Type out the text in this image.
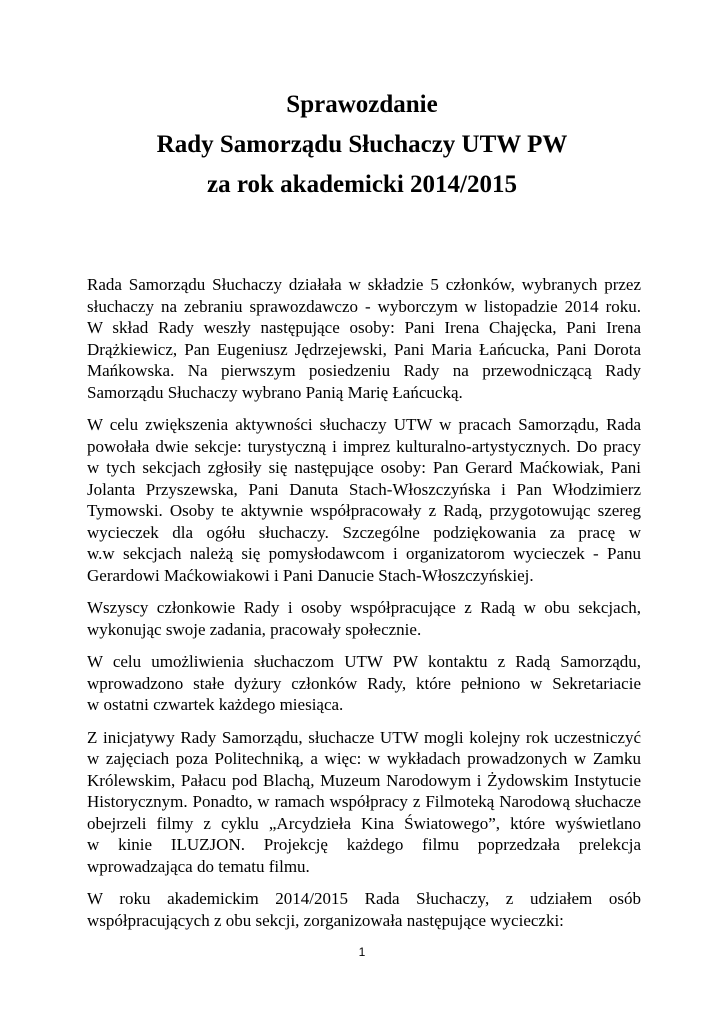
Sprawozdanie
Rady Samorządu Słuchaczy UTW PW
za rok akademicki 2014/2015

Rada Samorządu Słuchaczy działała w składzie 5 członków, wybranych przez
słuchaczy na zebraniu sprawozdawczo - wyborczym w listopadzie 2014 roku.
W skład Rady weszły następujące osoby: Pani Irena Chajęcka, Pani Irena
Drążkiewicz, Pan Eugeniusz Jędrzejewski, Pani Maria Łańcucka, Pani Dorota
Mańkowska. Na pierwszym posiedzeniu Rady na przewodniczącą Rady
Samorządu Słuchaczy wybrano Panią Marię Łańcucką.

W celu zwiększenia aktywności słuchaczy UTW w pracach Samorządu, Rada
powołała dwie sekcje: turystyczną i imprez kulturalno-artystycznych. Do pracy
w tych sekcjach zgłosiły się następujące osoby: Pan Gerard Maćkowiak, Pani
Jolanta Przyszewska, Pani Danuta Stach-Włoszczyńska i Pan Włodzimierz
Tymowski. Osoby te aktywnie współpracowały z Radą, przygotowując szereg
wycieczek dla ogółu słuchaczy. Szczególne podziękowania za pracę w
w.w sekcjach należą się pomysłodawcom i organizatorom wycieczek - Panu
Gerardowi Maćkowiakowi i Pani Danucie Stach-Włoszczyńskiej.

Wszyscy członkowie Rady i osoby współpracujące z Radą w obu sekcjach,
wykonując swoje zadania, pracowały społecznie.

W celu umożliwienia słuchaczom UTW PW kontaktu z Radą Samorządu,
wprowadzono stałe dyżury członków Rady, które pełniono w Sekretariacie
w ostatni czwartek każdego miesiąca.

Z inicjatywy Rady Samorządu, słuchacze UTW mogli kolejny rok uczestniczyć
w zajęciach poza Politechniką, a więc: w wykładach prowadzonych w Zamku
Królewskim, Pałacu pod Blachą, Muzeum Narodowym i Żydowskim Instytucie
Historycznym. Ponadto, w ramach współpracy z Filmoteką Narodową słuchacze
obejrzeli filmy z cyklu „Arcydzieła Kina Światowego”, które wyświetlano
w kinie ILUZJON. Projekcję każdego filmu poprzedzała prelekcja
wprowadzająca do tematu filmu.

W roku akademickim 2014/2015 Rada Słuchaczy, z udziałem osób
współpracujących z obu sekcji, zorganizowała następujące wycieczki:

1
